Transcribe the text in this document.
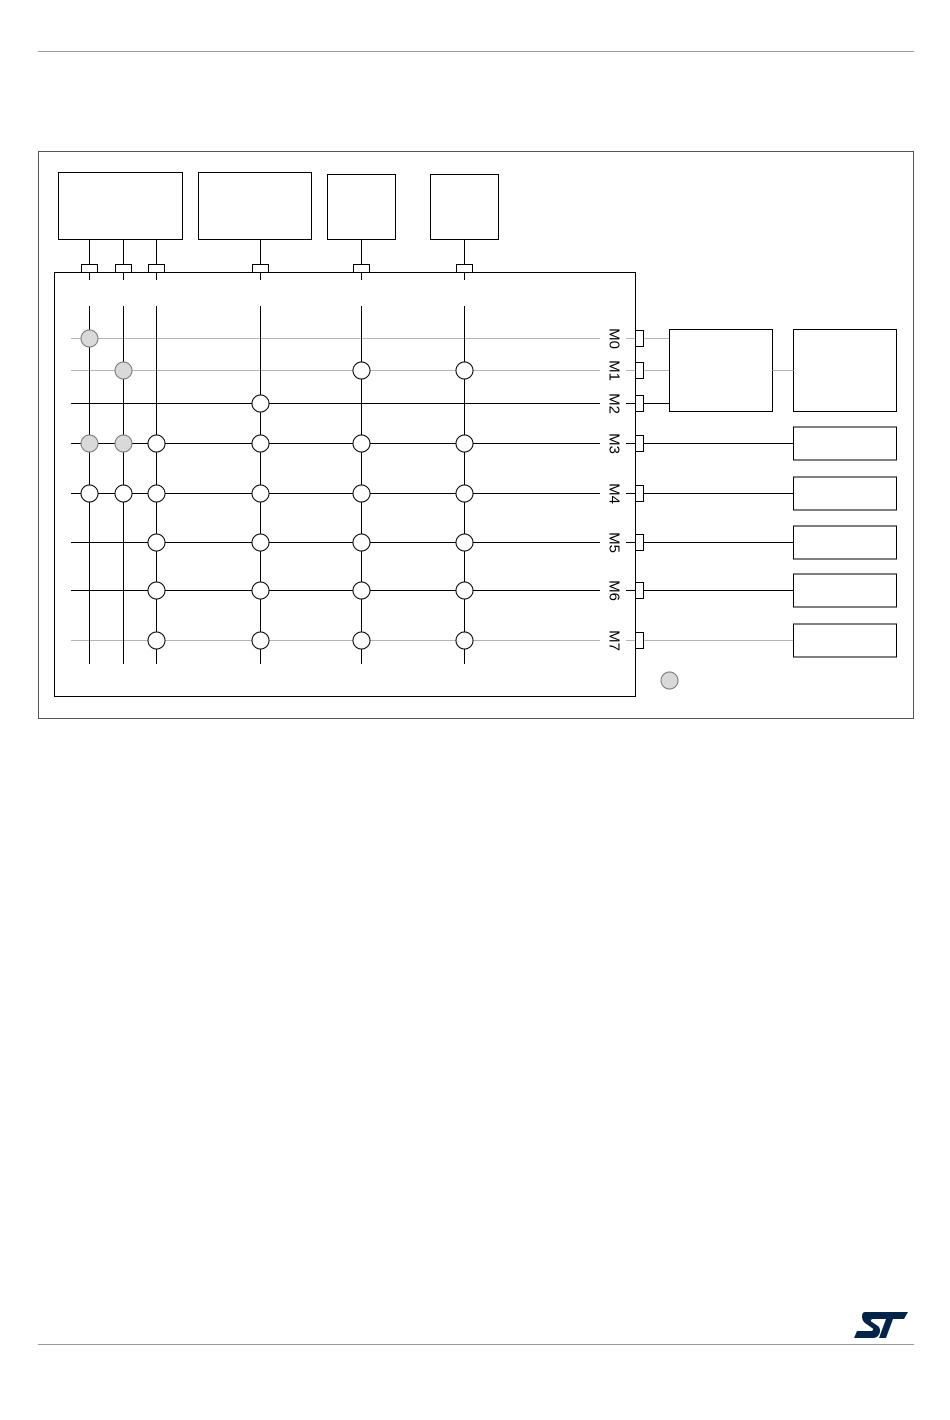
M0
M1
M2
M3
M4
M5
M6
M7
